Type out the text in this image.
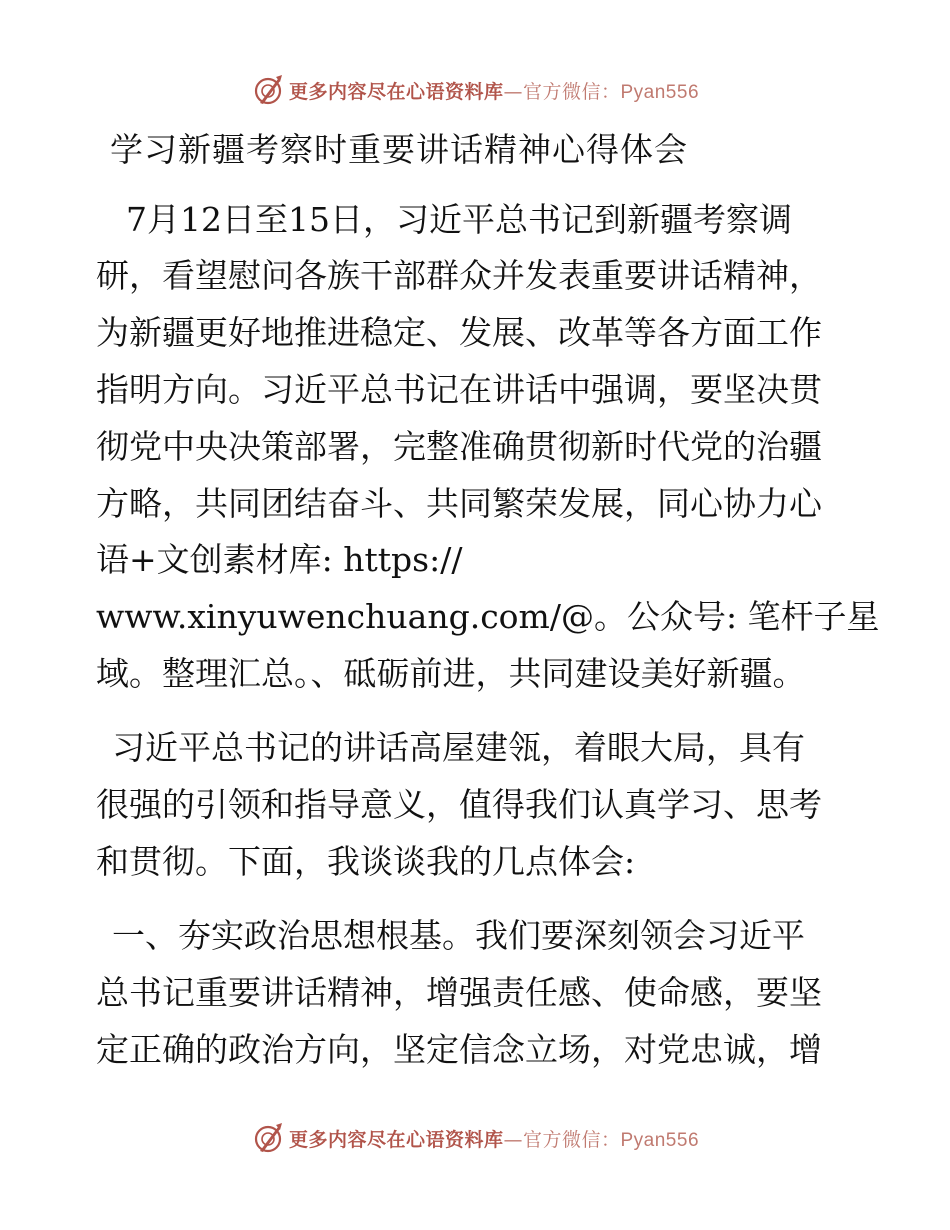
更多内容尽在心语资料库—官方微信：Pyan556
学习新疆考察时重要讲话精神心得体会

7月12日至15日，习近平总书记到新疆考察调

研，看望慰问各族干部群众并发表重要讲话精神，

为新疆更好地推进稳定、发展、改革等各方面工作

指明方向。习近平总书记在讲话中强调，要坚决贯

彻党中央决策部署，完整准确贯彻新时代党的治疆

方略，共同团结奋斗、共同繁荣发展，同心协力心

语+文创素材库: https://

www.xinyuwenchuang.com/@。公众号: 笔杆子星

域。整理汇总。、砥砺前进，共同建设美好新疆。

习近平总书记的讲话高屋建瓴，着眼大局，具有

很强的引领和指导意义，值得我们认真学习、思考

和贯彻。下面，我谈谈我的几点体会:

一、夯实政治思想根基。我们要深刻领会习近平

总书记重要讲话精神，增强责任感、使命感，要坚

定正确的政治方向，坚定信念立场，对党忠诚，增

更多内容尽在心语资料库—官方微信：Pyan556
